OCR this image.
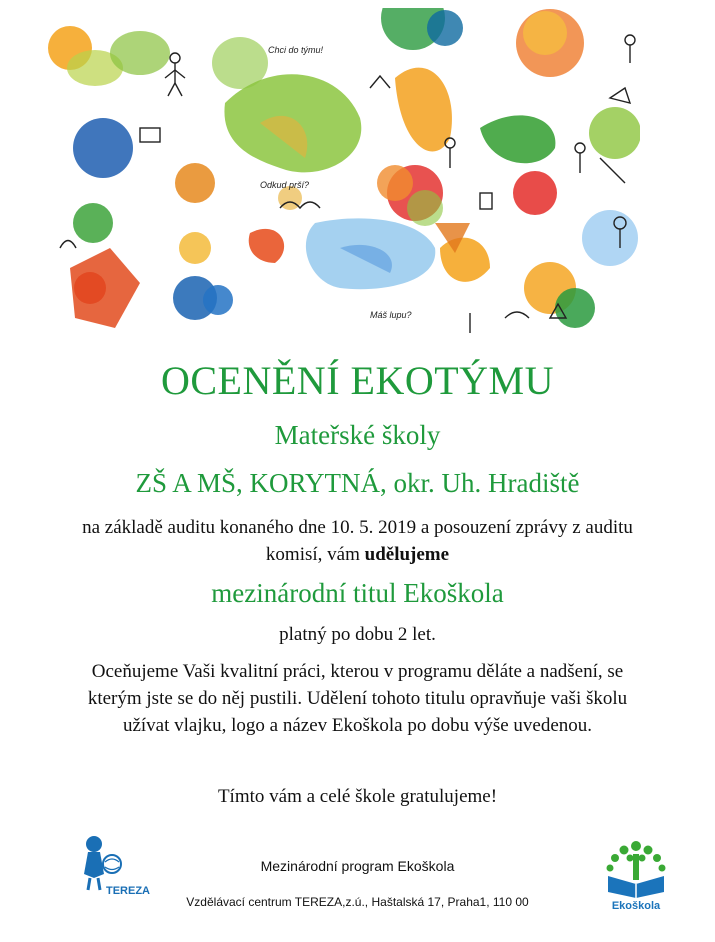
Chci do týmu!
Odkud prší?
Máš lupu?
OCENĚNÍ EKOTÝMU
Mateřské školy
ZŠ A MŠ, KORYTNÁ, okr. Uh. Hradiště
na základě auditu konaného dne 10. 5. 2019 a posouzení zprávy z auditu
komisí, vám udělujeme
mezinárodní titul Ekoškola
platný po dobu 2 let.
Oceňujeme Vaši kvalitní práci, kterou v programu děláte a nadšení, se
kterým jste se do něj pustili. Udělení tohoto titulu opravňuje vaši školu
užívat vlajku, logo a název Ekoškola po dobu výše uvedenou.
Tímto vám a celé škole gratulujeme!
TEREZA
Mezinárodní program Ekoškola
Vzdělávací centrum TEREZA,z.ú., Haštalská 17, Praha1, 110 00	Ekoškola
